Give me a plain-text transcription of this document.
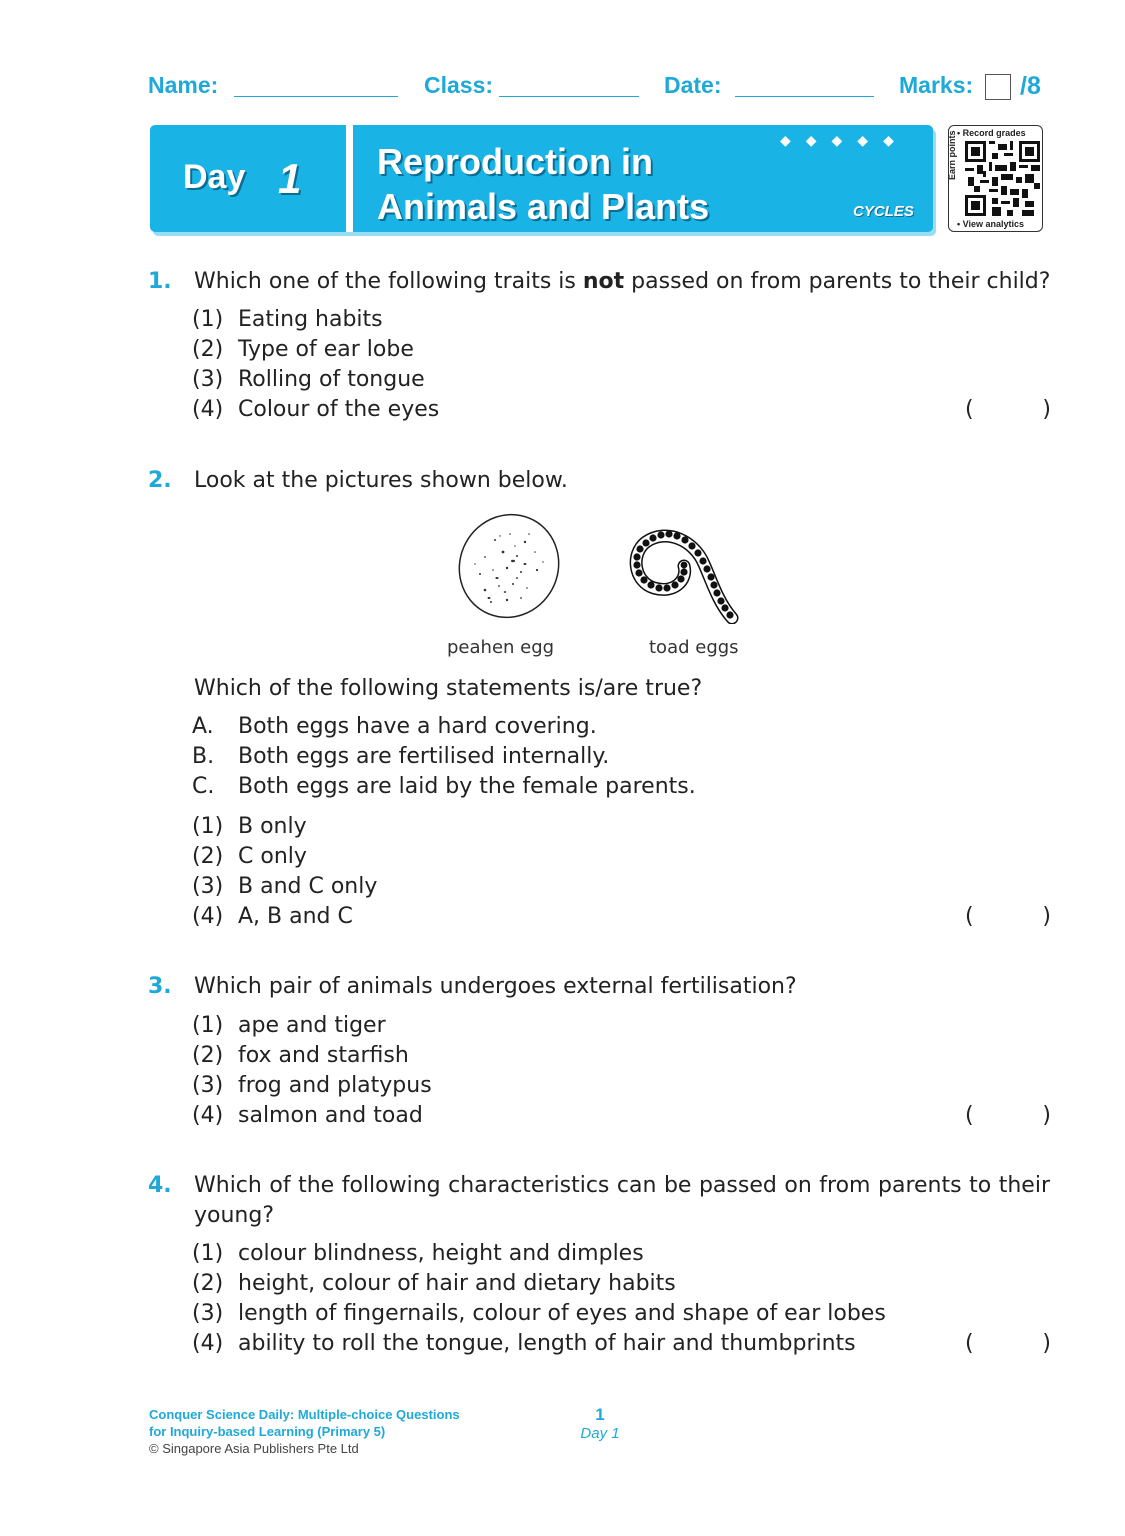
Name:	Class:	Date:	Marks: /8
Day 1 Reproduction in
Animals and Plants
◆◆◆◆◆
CYCLES
• Record grades
Earn points
• View analytics
1. Which one of the following traits is not passed on from parents to their child?
(1) Eating habits
(2) Type of ear lobe
(3) Rolling of tongue
(4) Colour of the eyes	(	)
2. Look at the pictures shown below.
peahen egg	toad eggs
Which of the following statements is/are true?
A. Both eggs have a hard covering.
B. Both eggs are fertilised internally.
C. Both eggs are laid by the female parents.
(1) B only
(2) C only
(3) B and C only
(4) A, B and C	(	)
3. Which pair of animals undergoes external fertilisation?
(1) ape and tiger
(2) fox and starfish
(3) frog and platypus
(4) salmon and toad	(	)
4. Which of the following characteristics can be passed on from parents to their
young?
(1) colour blindness, height and dimples
(2) height, colour of hair and dietary habits
(3) length of fingernails, colour of eyes and shape of ear lobes
(4) ability to roll the tongue, length of hair and thumbprints	(	)
Conquer Science Daily: Multiple-choice Questions
for Inquiry-based Learning (Primary 5)
© Singapore Asia Publishers Pte Ltd
1
Day 1
